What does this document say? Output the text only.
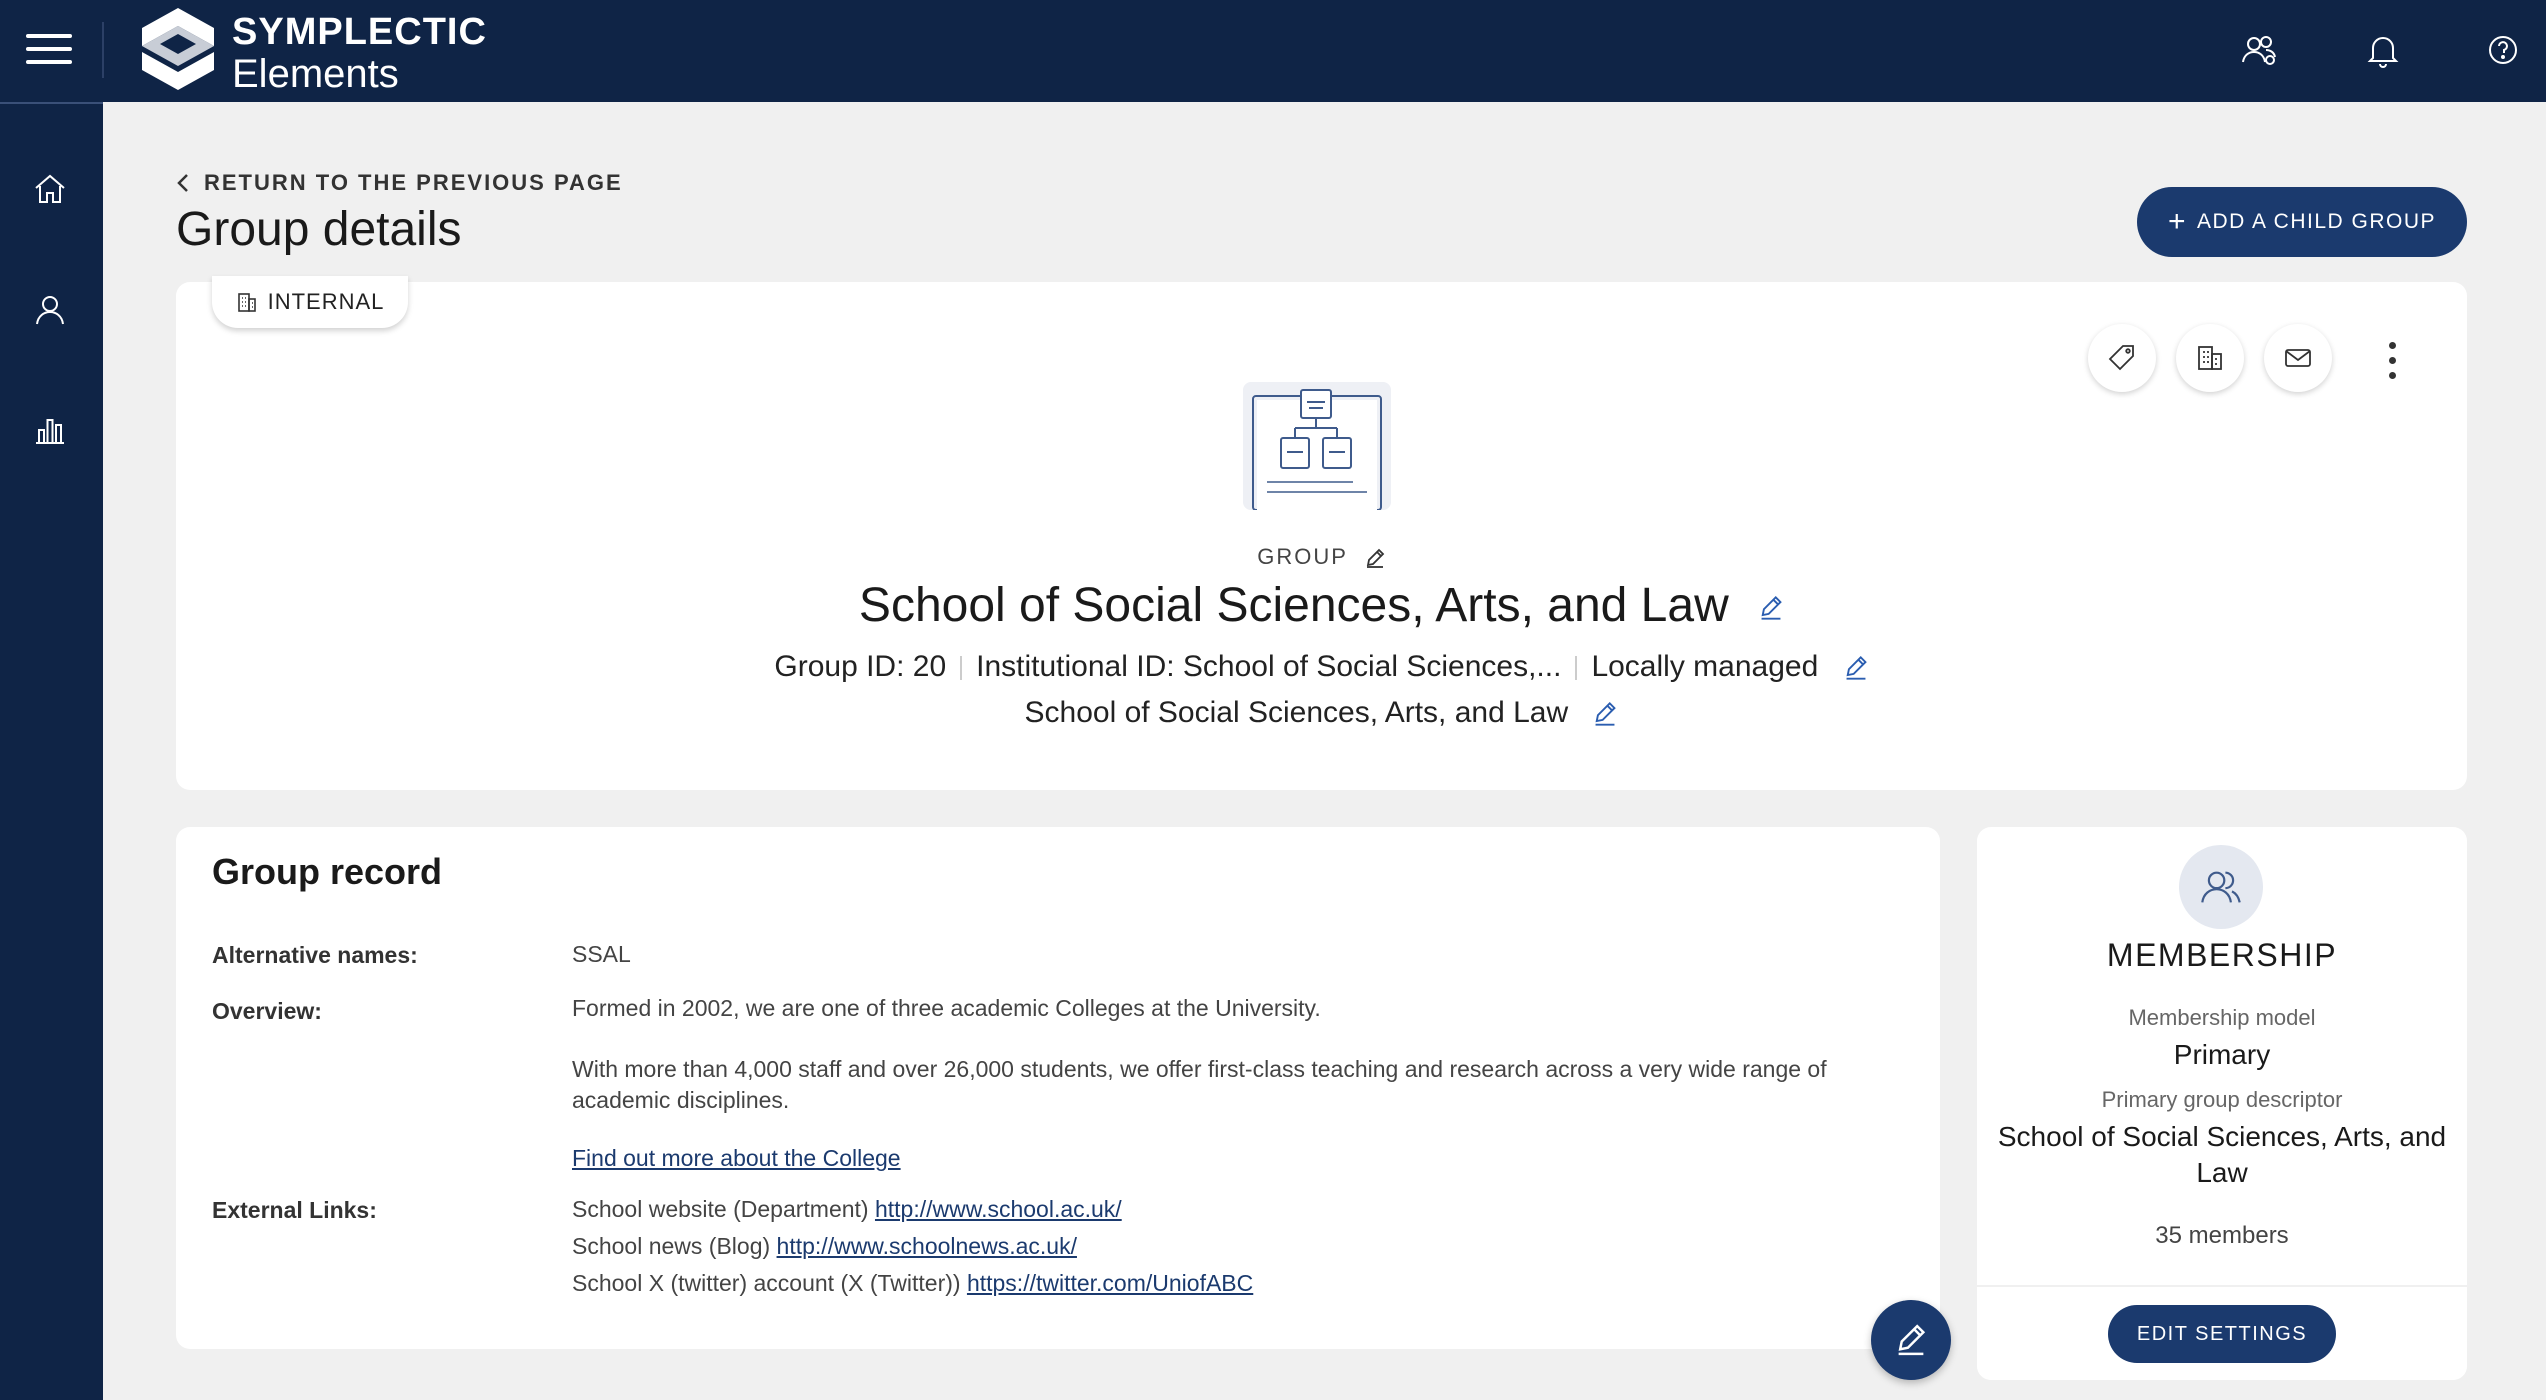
SYMPLECTIC
Elements
RETURN TO THE PREVIOUS PAGE
Group details	+ ADD A CHILD GROUP
INTERNAL
GROUP
School of Social Sciences, Arts, and Law
Group ID: 20 Institutional ID: School of Social Sciences,... Locally managed
School of Social Sciences, Arts, and Law
Group record
Alternative names:	SSAL
Overview:	Formed in 2002, we are one of three academic Colleges at the University.
With more than 4,000 staff and over 26,000 students, we offer first-class teaching and research across a very wide range of academic disciplines.
Find out more about the College
External Links:	School website (Department) http://www.school.ac.uk/
School news (Blog) http://www.schoolnews.ac.uk/
School X (twitter) account (X (Twitter)) https://twitter.com/UniofABC
MEMBERSHIP
Membership model
Primary
Primary group descriptor
School of Social Sciences, Arts, and Law
35 members
EDIT SETTINGS
